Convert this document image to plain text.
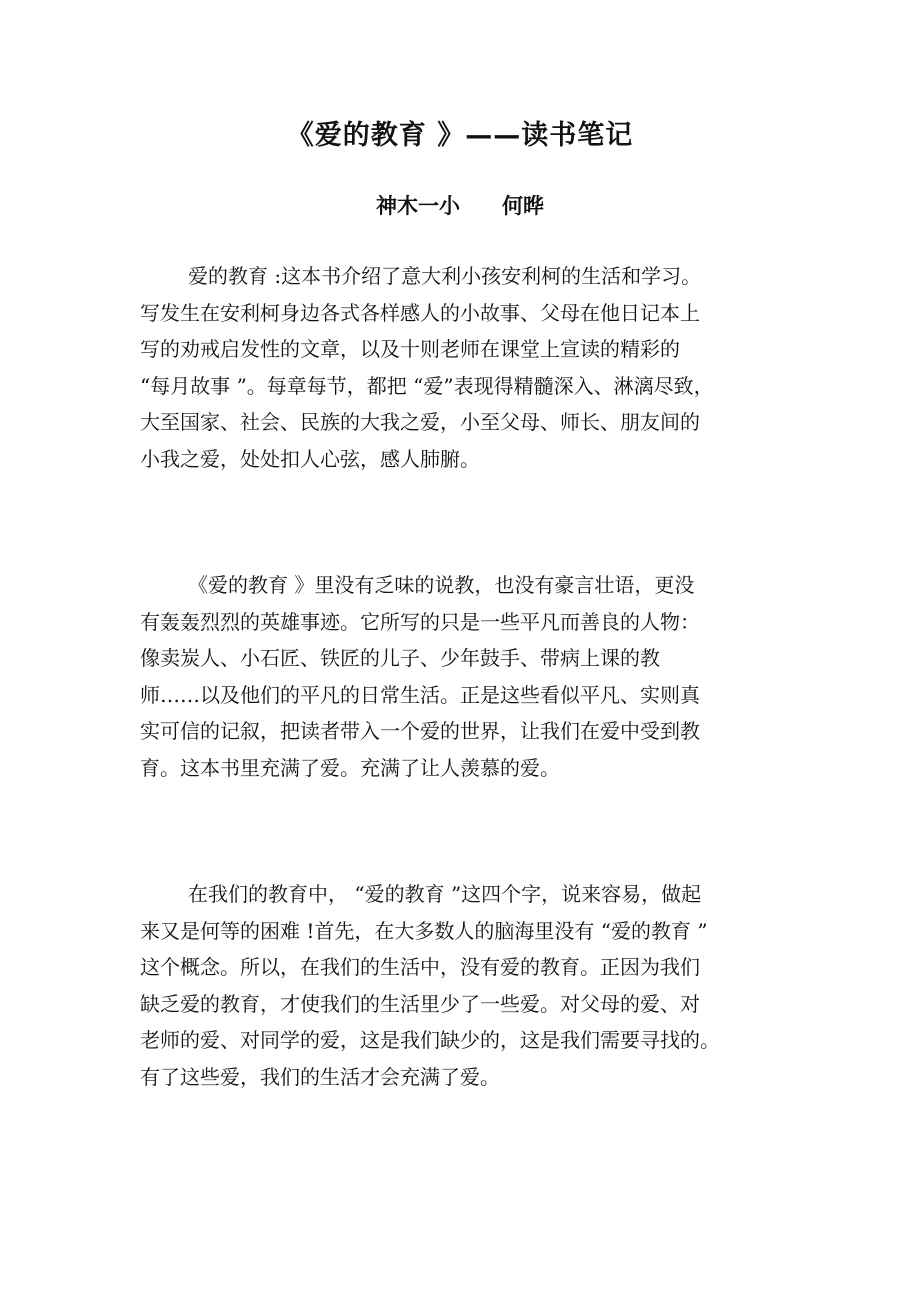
《爱的教育 》——读书笔记
神木一小 何晔

爱的教育 :这本书介绍了意大利小孩安利柯的生活和学习。
写发生在安利柯身边各式各样感人的小故事、父母在他日记本上
写的劝戒启发性的文章，以及十则老师在课堂上宣读的精彩的
“每月故事 ”。每章每节，都把 “爱”表现得精髓深入、淋漓尽致，
大至国家、社会、民族的大我之爱，小至父母、师长、朋友间的
小我之爱，处处扣人心弦，感人肺腑。

《爱的教育 》里没有乏味的说教，也没有豪言壮语，更没
有轰轰烈烈的英雄事迹。它所写的只是一些平凡而善良的人物：
像卖炭人、小石匠、铁匠的儿子、少年鼓手、带病上课的教
师……以及他们的平凡的日常生活。正是这些看似平凡、实则真
实可信的记叙，把读者带入一个爱的世界，让我们在爱中受到教
育。这本书里充满了爱。充满了让人羡慕的爱。

在我们的教育中， “爱的教育 ”这四个字，说来容易，做起
来又是何等的困难 !首先，在大多数人的脑海里没有 “爱的教育 ”
这个概念。所以，在我们的生活中，没有爱的教育。正因为我们
缺乏爱的教育，才使我们的生活里少了一些爱。对父母的爱、对
老师的爱、对同学的爱，这是我们缺少的，这是我们需要寻找的。
有了这些爱，我们的生活才会充满了爱。
